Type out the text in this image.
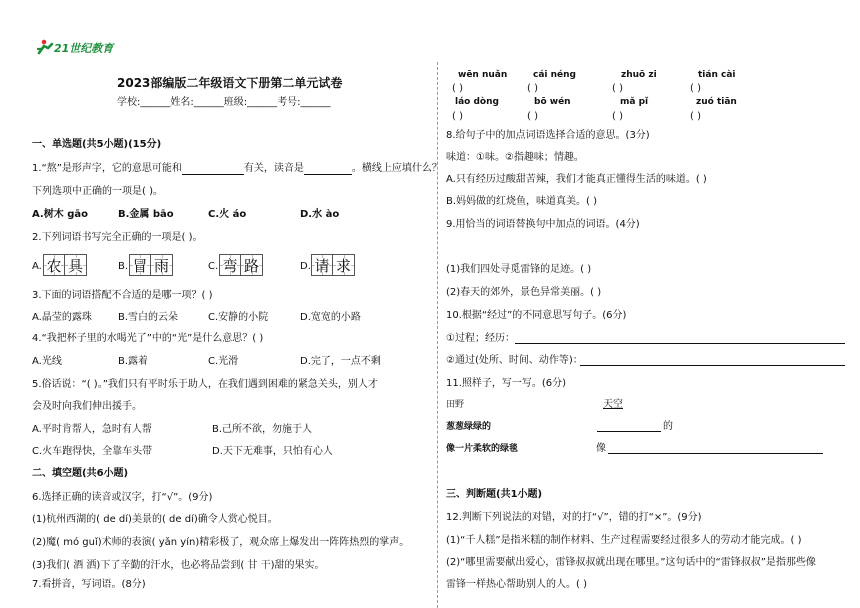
21世纪教育
2023部编版二年级语文下册第二单元试卷
学校:______姓名:______班级:______考号:______
一、单选题(共5小题)(15分)
1.“熬”是形声字，它的意思可能和	有关，读音是	。横线上应填什么？
下列选项中正确的一项是( )。
A.树木 gāo	B.金属 bāo	C.火 áo	D.水 ào
2.下列词语书写完全正确的一项是( )。
A. 农 具	B. 冒 雨	C. 弯 路	D. 请 求
3.下面的词语搭配不合适的是哪一项？( )
A.晶莹的露珠	B.雪白的云朵	C.安静的小院	D.宽宽的小路
4.“我把杯子里的水喝光了”中的“光”是什么意思？( )
A.光线	B.露着	C.光滑	D.完了，一点不剩
5.俗话说：“( )。”我们只有平时乐于助人，在我们遇到困难的紧急关头，别人才
会及时向我们伸出援手。
A.平时肯帮人，急时有人帮	B.己所不欲，勿施于人
C.火车跑得快，全靠车头带	D.天下无难事，只怕有心人
二、填空题(共6小题)
6.选择正确的读音或汉字，打“√”。(9分)
(1)杭州西湖的( de dí)美景的( de dí)确令人赏心悦目。
(2)魔( mó guǐ)术师的表演( yǎn yín)精彩极了，观众席上爆发出一阵阵热烈的掌声。
(3)我们( 酒 洒)下了辛勤的汗水，也必将品尝到( 甘 干)甜的果实。
7.看拼音，写词语。(8分)
wēn nuǎn	cái néng	zhuō zi	tián cài
( )	( )	( )	( )
láo dòng	bō wén	mǎ pǐ	zuó tiān
( )	( )	( )	( )
8.给句子中的加点词语选择合适的意思。(3分)
味道：①味。②指趣味；情趣。
A.只有经历过酸甜苦辣，我们才能真正懂得生活的味道。( )
B.妈妈做的红烧鱼，味道真美。( )
9.用恰当的词语替换句中加点的词语。(4分)
(1)我们四处寻觅雷锋的足迹。( )
(2)春天的郊外，景色异常美丽。( )
10.根据“经过”的不同意思写句子。(6分)
①过程；经历：
②通过(处所、时间、动作等)：
11.照样子，写一写。(6分)
田野	天空
葱葱绿绿的	的
像一片柔软的绿毯	像
三、判断题(共1小题)
12.判断下列说法的对错，对的打“√”，错的打“×”。(9分)
(1)“千人糕”是指米糕的制作材料、生产过程需要经过很多人的劳动才能完成。( )
(2)“哪里需要献出爱心，雷锋叔叔就出现在哪里。”这句话中的“雷锋叔叔”是指那些像
雷锋一样热心帮助别人的人。( )
